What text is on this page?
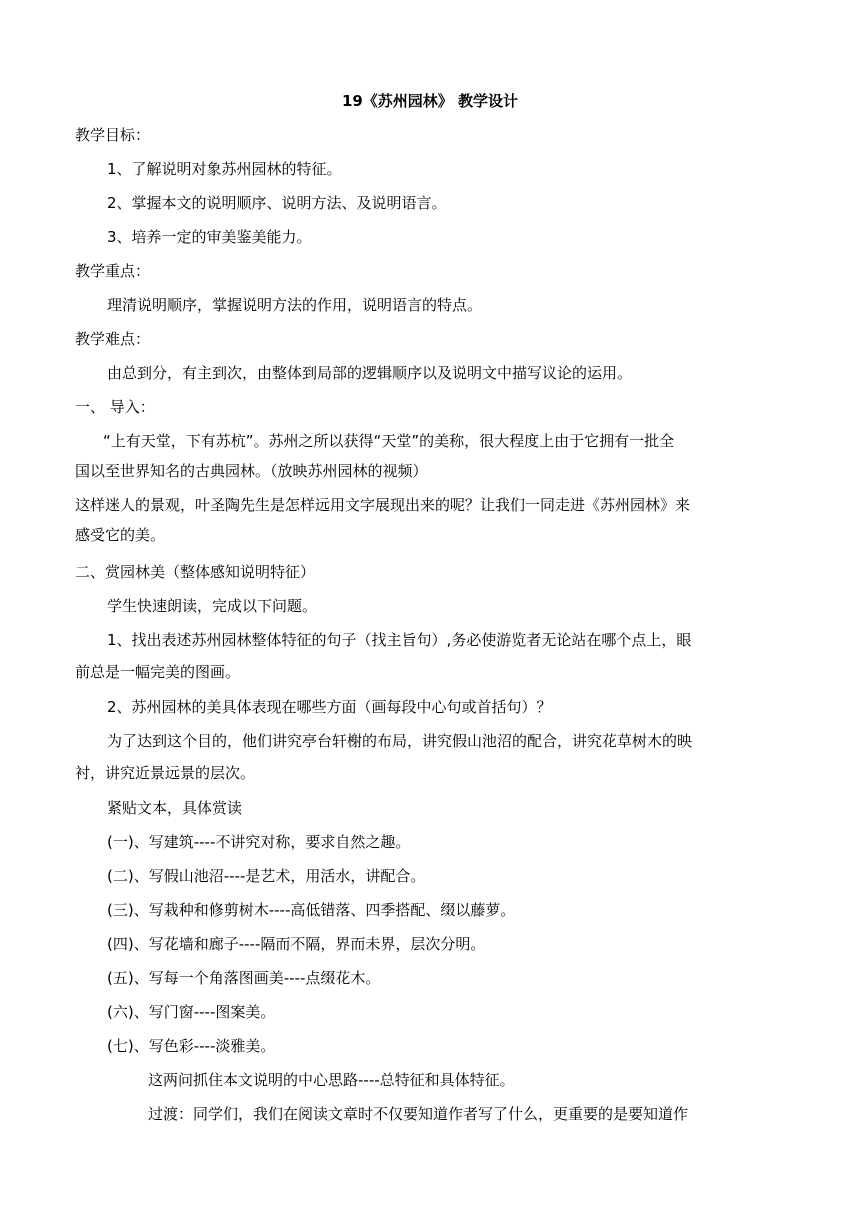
19《苏州园林》 教学设计
教学目标：
1、了解说明对象苏州园林的特征。
2、掌握本文的说明顺序、说明方法、及说明语言。
3、培养一定的审美鉴美能力。
教学重点：
理清说明顺序，掌握说明方法的作用，说明语言的特点。
教学难点：
由总到分，有主到次，由整体到局部的逻辑顺序以及说明文中描写议论的运用。
一、 导入：
“上有天堂，下有苏杭”。苏州之所以获得“天堂”的美称，很大程度上由于它拥有一批全
国以至世界知名的古典园林。（放映苏州园林的视频）
这样迷人的景观，叶圣陶先生是怎样远用文字展现出来的呢？让我们一同走进《苏州园林》来
感受它的美。
二、赏园林美（整体感知说明特征）
学生快速朗读，完成以下问题。
1、找出表述苏州园林整体特征的句子（找主旨句）,务必使游览者无论站在哪个点上，眼
前总是一幅完美的图画。
2、苏州园林的美具体表现在哪些方面（画每段中心句或首括句）？
为了达到这个目的，他们讲究亭台轩榭的布局，讲究假山池沼的配合，讲究花草树木的映
衬，讲究近景远景的层次。
紧贴文本，具体赏读
(一)、写建筑----不讲究对称，要求自然之趣。
(二)、写假山池沼----是艺术，用活水，讲配合。
(三)、写栽种和修剪树木----高低错落、四季搭配、缀以藤萝。
(四)、写花墙和廊子----隔而不隔，界而未界，层次分明。
(五)、写每一个角落图画美----点缀花木。
(六)、写门窗----图案美。
(七)、写色彩----淡雅美。
这两问抓住本文说明的中心思路----总特征和具体特征。
过渡：同学们，我们在阅读文章时不仅要知道作者写了什么，更重要的是要知道作
